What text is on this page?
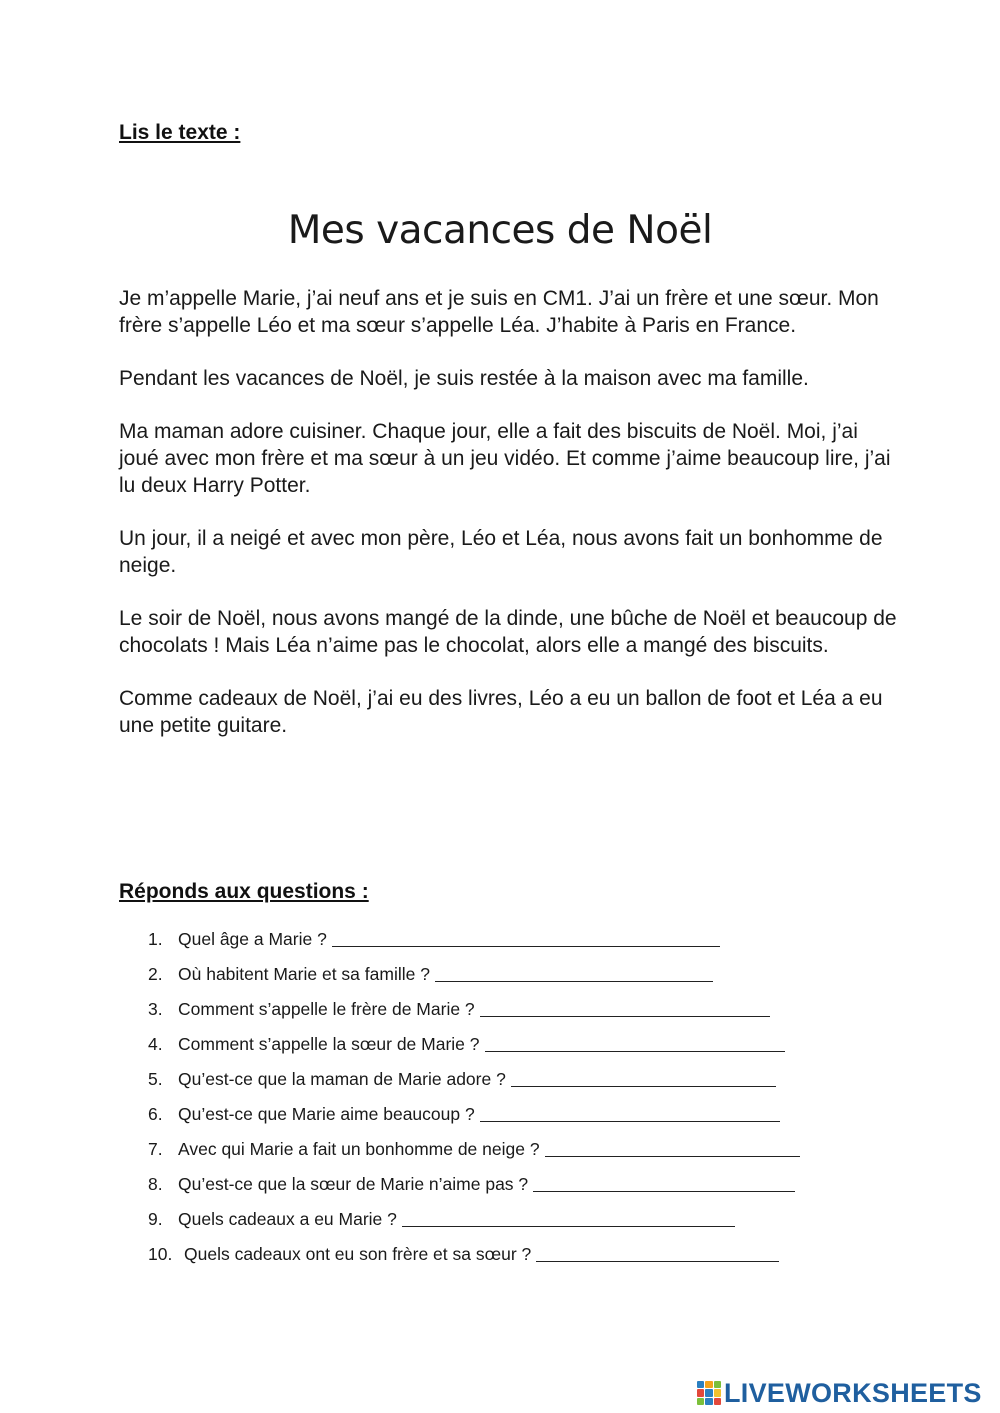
Lis le texte :
Mes vacances de Noël

Je m’appelle Marie, j’ai neuf ans et je suis en CM1. J’ai un frère et une sœur. Mon frère s’appelle Léo et ma sœur s’appelle Léa. J’habite à Paris en France.

Pendant les vacances de Noël, je suis restée à la maison avec ma famille.

Ma maman adore cuisiner. Chaque jour, elle a fait des biscuits de Noël. Moi, j’ai joué avec mon frère et ma sœur à un jeu vidéo. Et comme j’aime beaucoup lire, j’ai lu deux Harry Potter.

Un jour, il a neigé et avec mon père, Léo et Léa, nous avons fait un bonhomme de neige.

Le soir de Noël, nous avons mangé de la dinde, une bûche de Noël et beaucoup de chocolats ! Mais Léa n’aime pas le chocolat, alors elle a mangé des biscuits.

Comme cadeaux de Noël, j’ai eu des livres, Léo a eu un ballon de foot et Léa a eu une petite guitare.

Réponds aux questions :
1. Quel âge a Marie ?
2. Où habitent Marie et sa famille ?
3. Comment s’appelle le frère de Marie ?
4. Comment s’appelle la sœur de Marie ?
5. Qu’est-ce que la maman de Marie adore ?
6. Qu’est-ce que Marie aime beaucoup ?
7. Avec qui Marie a fait un bonhomme de neige ?
8. Qu’est-ce que la sœur de Marie n’aime pas ?
9. Quels cadeaux a eu Marie ?
10. Quels cadeaux ont eu son frère et sa sœur ?
LIVEWORKSHEETS
